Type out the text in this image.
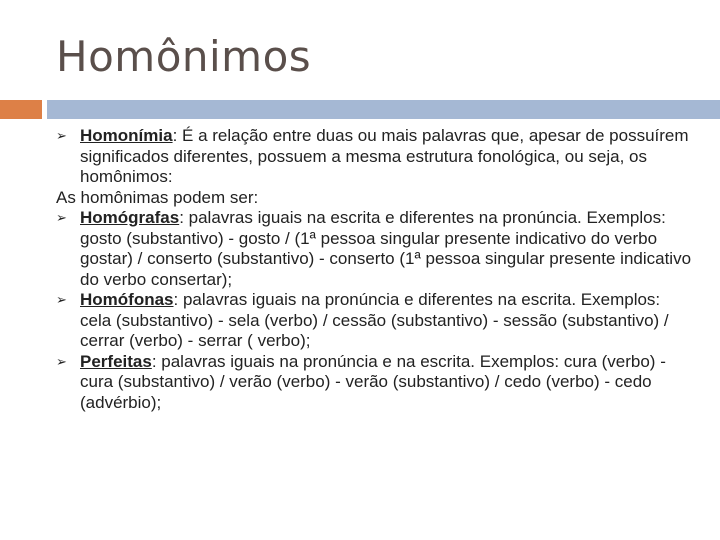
Homônimos

➢ Homonímia: É a relação entre duas ou mais palavras que, apesar de possuírem significados diferentes, possuem a mesma estrutura fonológica, ou seja, os homônimos:

As homônimas podem ser:

➢ Homógrafas: palavras iguais na escrita e diferentes na pronúncia. Exemplos: gosto (substantivo) - gosto / (1ª pessoa singular presente indicativo do verbo gostar) / conserto (substantivo) - conserto (1ª pessoa singular presente indicativo do verbo consertar);

➢ Homófonas: palavras iguais na pronúncia e diferentes na escrita. Exemplos: cela (substantivo) - sela (verbo) / cessão (substantivo) - sessão (substantivo) / cerrar (verbo) - serrar ( verbo);

➢ Perfeitas: palavras iguais na pronúncia e na escrita. Exemplos: cura (verbo) - cura (substantivo) / verão (verbo) - verão (substantivo) / cedo (verbo) - cedo (advérbio);
